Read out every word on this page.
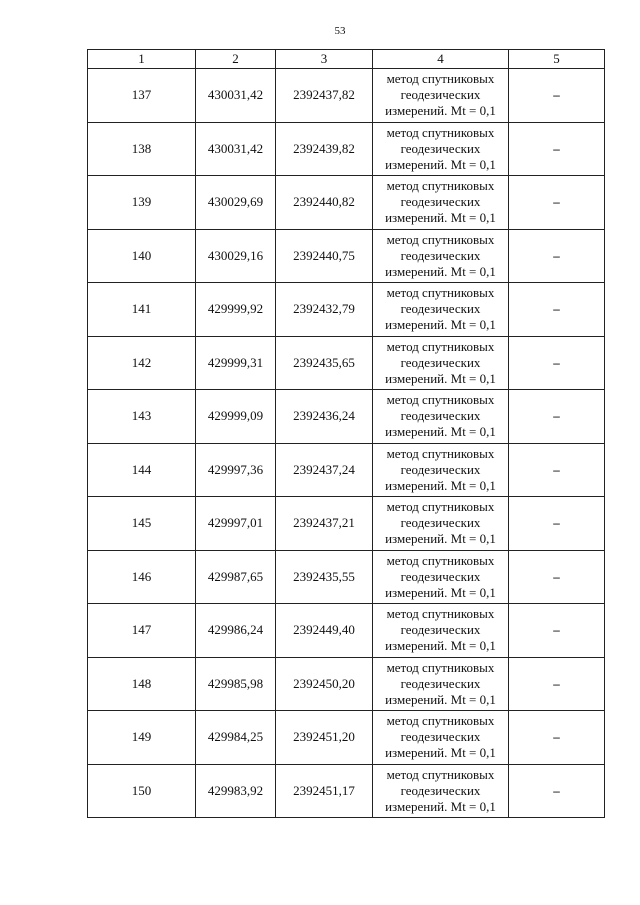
53
1	2	3	4	5
137	430031,42	2392437,82	метод спутниковых
геодезических
измерений. Mt = 0,1	–
138	430031,42	2392439,82	метод спутниковых
геодезических
измерений. Mt = 0,1	–
139	430029,69	2392440,82	метод спутниковых
геодезических
измерений. Mt = 0,1	–
140	430029,16	2392440,75	метод спутниковых
геодезических
измерений. Mt = 0,1	–
141	429999,92	2392432,79	метод спутниковых
геодезических
измерений. Mt = 0,1	–
142	429999,31	2392435,65	метод спутниковых
геодезических
измерений. Mt = 0,1	–
143	429999,09	2392436,24	метод спутниковых
геодезических
измерений. Mt = 0,1	–
144	429997,36	2392437,24	метод спутниковых
геодезических
измерений. Mt = 0,1	–
145	429997,01	2392437,21	метод спутниковых
геодезических
измерений. Mt = 0,1	–
146	429987,65	2392435,55	метод спутниковых
геодезических
измерений. Mt = 0,1	–
147	429986,24	2392449,40	метод спутниковых
геодезических
измерений. Mt = 0,1	–
148	429985,98	2392450,20	метод спутниковых
геодезических
измерений. Mt = 0,1	–
149	429984,25	2392451,20	метод спутниковых
геодезических
измерений. Mt = 0,1	–
150	429983,92	2392451,17	метод спутниковых
геодезических
измерений. Mt = 0,1	–
